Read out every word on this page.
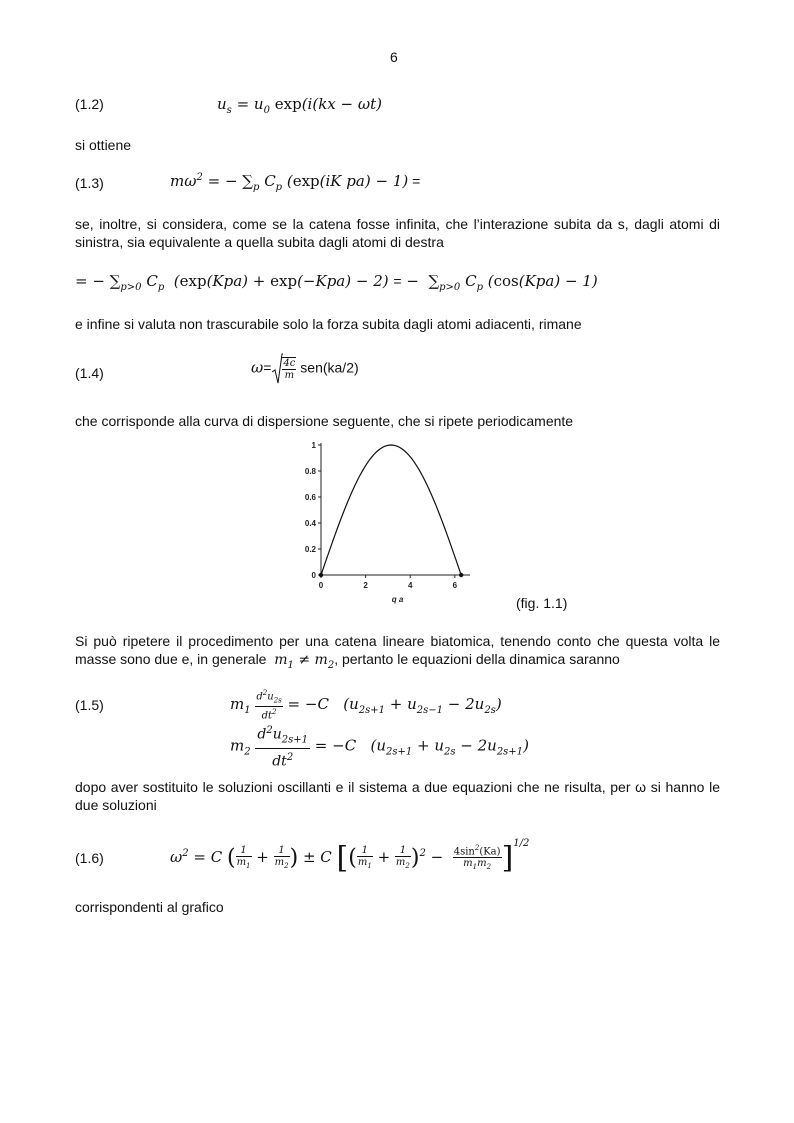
6
(1.2)	$u_s = u_0$ exp(i(kx − ωt)
si ottiene
(1.3)	$m\omega^2$ = − $\sum_p$ $C_p$ (exp(iK pa) − 1) =
se, inoltre, si considera, come se la catena fosse infinita, che l’interazione subita da s, dagli atomi di sinistra, sia equivalente a quella subita dagli atomi di destra
= − $\sum_{p>0}$ $C_p$  (exp(Kpa) + exp(−Kpa) − 2) = −  $\sum_{p>0}$ $C_p$ (cos(Kpa) − 1)
e infine si valuta non trascurabile solo la forza subita dagli atomi adiacenti, rimane
(1.4)	$\omega= \frac{4c}{m} sen(ka/2)$
che corrisponde alla curva di dispersione seguente, che si ripete periodicamente
0
0.2
0.4
0.6
0.8
1
0	2	4	6
q a	(fig. 1.1)
Si può ripetere il procedimento per una catena lineare biatomica, tenendo conto che questa volta le masse sono due e, in generale $m_1 \ne m_2$, pertanto le equazioni della dinamica saranno
(1.5)	$m_1 \frac{d^2u_{2s}}{dt^2} = -C$   $(u_{2s+1} + u_{2s-1} - 2u_{2s})$
$m_2 \frac{d^2u_{2s+1}}{dt^2} = -C$   $(u_{2s+1} + u_{2s} - 2u_{2s+1})$
dopo aver sostituito le soluzioni oscillanti e il sistema a due equazioni che ne risulta, per ω si hanno le due soluzioni
(1.6)	$\omega^2 = C$ ( $\frac{1}{m_1} + \frac{1}{m_2}$ ) ± C [( $\frac{1}{m_1} + \frac{1}{m_2} )^2 - \frac{4\sin^2(Ka)}{m_1m_2} ]^{1/2}$
corrispondenti al grafico
